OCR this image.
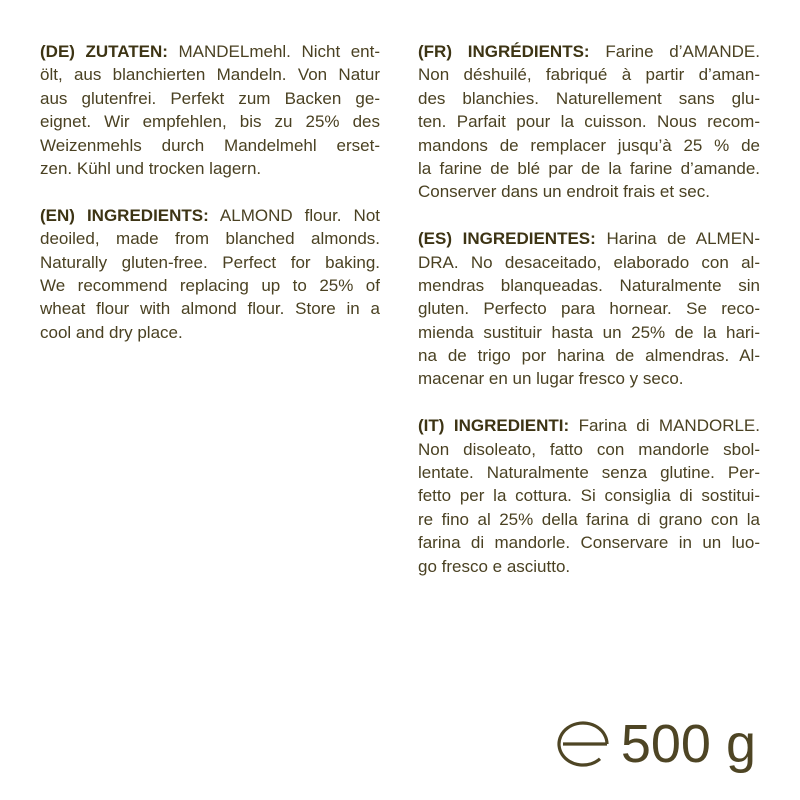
(DE) ZUTATEN: MANDELmehl. Nicht ent-
ölt, aus blanchierten Mandeln. Von Natur
aus glutenfrei. Perfekt zum Backen ge-
eignet. Wir empfehlen, bis zu 25% des
Weizenmehls durch Mandelmehl erset-
zen. Kühl und trocken lagern.
(EN) INGREDIENTS: ALMOND flour. Not
deoiled, made from blanched almonds.
Naturally gluten-free. Perfect for baking.
We recommend replacing up to 25% of
wheat flour with almond flour. Store in a
cool and dry place.
(FR) INGRÉDIENTS: Farine d’AMANDE.
Non déshuilé, fabriqué à partir d’aman-
des blanchies. Naturellement sans glu-
ten. Parfait pour la cuisson. Nous recom-
mandons de remplacer jusqu’à 25 % de
la farine de blé par de la farine d’amande.
Conserver dans un endroit frais et sec.
(ES) INGREDIENTES: Harina de ALMEN-
DRA. No desaceitado, elaborado con al-
mendras blanqueadas. Naturalmente sin
gluten. Perfecto para hornear. Se reco-
mienda sustituir hasta un 25% de la hari-
na de trigo por harina de almendras. Al-
macenar en un lugar fresco y seco.
(IT) INGREDIENTI: Farina di MANDORLE.
Non disoleato, fatto con mandorle sbol-
lentate. Naturalmente senza glutine. Per-
fetto per la cottura. Si consiglia di sostitui-
re fino al 25% della farina di grano con la
farina di mandorle. Conservare in un luo-
go fresco e asciutto.
500 g
